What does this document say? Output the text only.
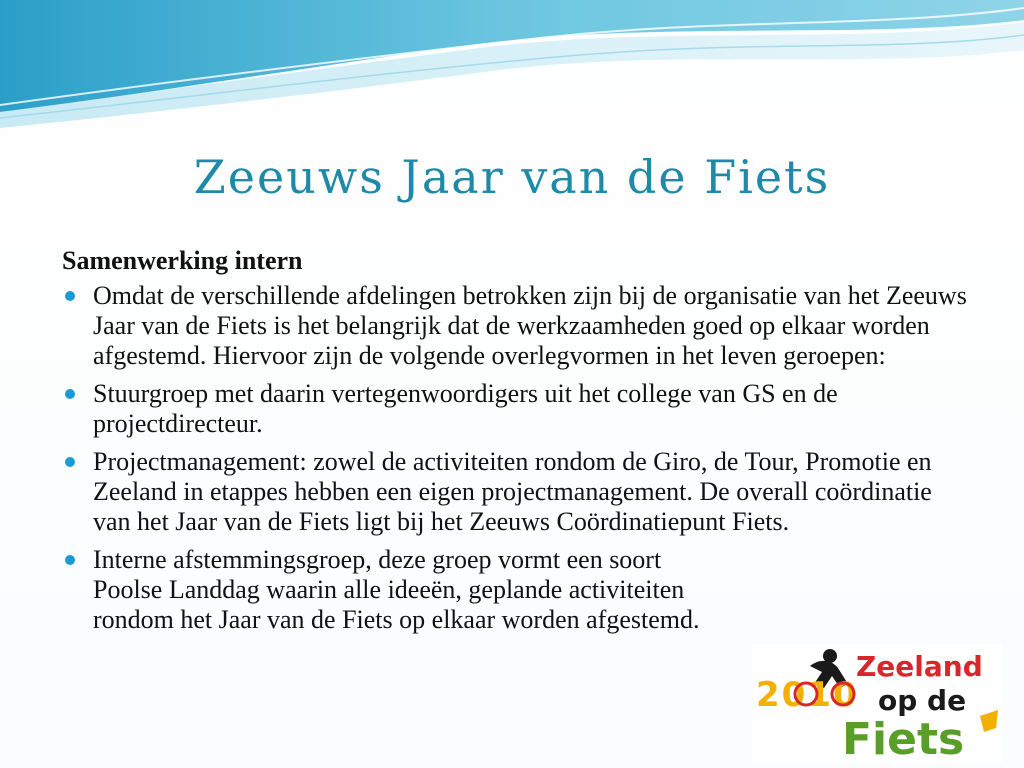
Zeeuws Jaar van de Fiets
Samenwerking intern
Omdat de verschillende afdelingen betrokken zijn bij de organisatie van het Zeeuws Jaar van de Fiets is het belangrijk dat de werkzaamheden goed op elkaar worden afgestemd. Hiervoor zijn de volgende overlegvormen in het leven geroepen:
Stuurgroep met daarin vertegenwoordigers uit het college van GS en de projectdirecteur.
Projectmanagement: zowel de activiteiten rondom de Giro, de Tour, Promotie en Zeeland in etappes hebben een eigen projectmanagement. De overall coördinatie van het Jaar van de Fiets ligt bij het Zeeuws Coördinatiepunt Fiets.
Interne afstemmingsgroep, deze groep vormt een soort Poolse Landdag waarin alle ideeën, geplande activiteiten rondom het Jaar van de Fiets op elkaar worden afgestemd.
2010
Zeeland
op de
Fiets
